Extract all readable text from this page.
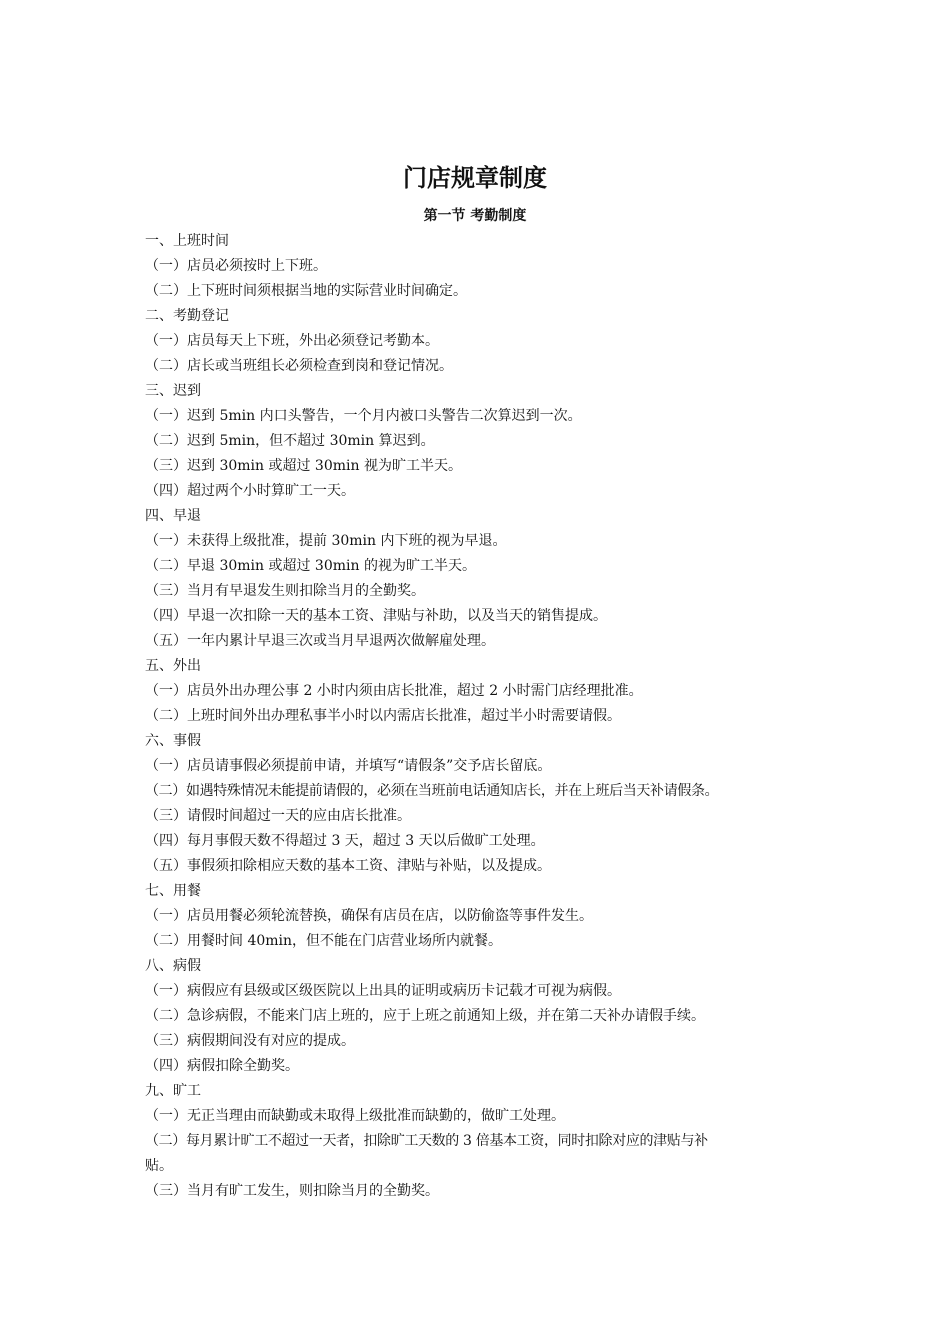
门店规章制度
第一节 考勤制度
一、上班时间
（一）店员必须按时上下班。
（二）上下班时间须根据当地的实际营业时间确定。
二、考勤登记
（一）店员每天上下班，外出必须登记考勤本。
（二）店长或当班组长必须检查到岗和登记情况。
三、迟到
（一）迟到 5min 内口头警告，一个月内被口头警告二次算迟到一次。
（二）迟到 5min，但不超过 30min 算迟到。
（三）迟到 30min 或超过 30min 视为旷工半天。
（四）超过两个小时算旷工一天。
四、早退
（一）未获得上级批准，提前 30min 内下班的视为早退。
（二）早退 30min 或超过 30min 的视为旷工半天。
（三）当月有早退发生则扣除当月的全勤奖。
（四）早退一次扣除一天的基本工资、津贴与补助，以及当天的销售提成。
（五）一年内累计早退三次或当月早退两次做解雇处理。
五、外出
（一）店员外出办理公事 2 小时内须由店长批准，超过 2 小时需门店经理批准。
（二）上班时间外出办理私事半小时以内需店长批准，超过半小时需要请假。
六、事假
（一）店员请事假必须提前申请，并填写“请假条”交予店长留底。
（二）如遇特殊情况未能提前请假的，必须在当班前电话通知店长，并在上班后当天补请假条。
（三）请假时间超过一天的应由店长批准。
（四）每月事假天数不得超过 3 天，超过 3 天以后做旷工处理。
（五）事假须扣除相应天数的基本工资、津贴与补贴，以及提成。
七、用餐
（一）店员用餐必须轮流替换，确保有店员在店，以防偷盗等事件发生。
（二）用餐时间 40min，但不能在门店营业场所内就餐。
八、病假
（一）病假应有县级或区级医院以上出具的证明或病历卡记载才可视为病假。
（二）急诊病假，不能来门店上班的，应于上班之前通知上级，并在第二天补办请假手续。
（三）病假期间没有对应的提成。
（四）病假扣除全勤奖。
九、旷工
（一）无正当理由而缺勤或未取得上级批准而缺勤的，做旷工处理。
（二）每月累计旷工不超过一天者，扣除旷工天数的 3 倍基本工资，同时扣除对应的津贴与补
贴。
（三）当月有旷工发生，则扣除当月的全勤奖。
